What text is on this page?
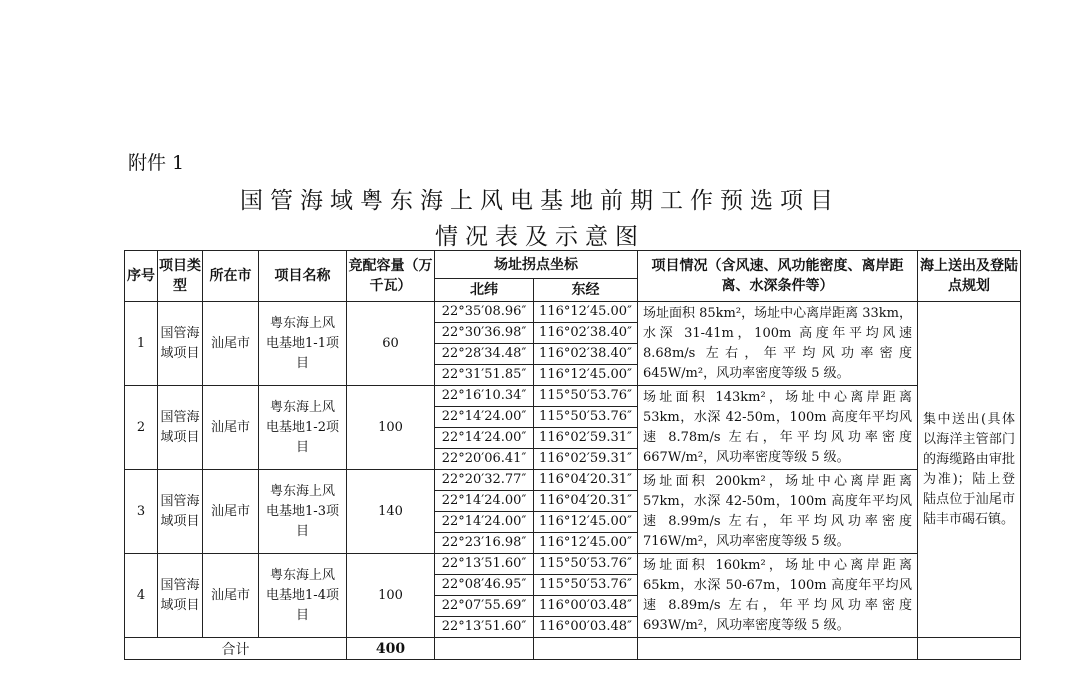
附件 1
国管海域粤东海上风电基地前期工作预选项目
情况表及示意图
序号	项目类型	所在市	项目名称	竞配容量（万千瓦）	场址拐点坐标		项目情况（含风速、风功能密度、离岸距离、水深条件等）	海上送出及登陆点规划
					北纬	东经		
1	国管海域项目	汕尾市	粤东海上风电基地1-1项目	60	22°35′08.96″	116°12′45.00″	场址面积 85km²，场址中心离岸距离 33km，水深 31-41m，100m 高度年平均风速 8.68m/s 左右，年平均风功率密度 645W/m²，风功率密度等级 5 级。	集中送出(具体以海洋主管部门的海缆路由审批为准)；陆上登陆点位于汕尾市陆丰市碣石镇。
					22°30′36.98″	116°02′38.40″		
					22°28′34.48″	116°02′38.40″		
					22°31′51.85″	116°12′45.00″		
2	国管海域项目	汕尾市	粤东海上风电基地1-2项目	100	22°16′10.34″	115°50′53.76″	场址面积 143km²，场址中心离岸距离 53km，水深 42-50m，100m 高度年平均风速 8.78m/s 左右，年平均风功率密度 667W/m²，风功率密度等级 5 级。	
					22°14′24.00″	115°50′53.76″		
					22°14′24.00″	116°02′59.31″		
					22°20′06.41″	116°02′59.31″		
3	国管海域项目	汕尾市	粤东海上风电基地1-3项目	140	22°20′32.77″	116°04′20.31″	场址面积 200km²，场址中心离岸距离 57km，水深 42-50m，100m 高度年平均风速 8.99m/s 左右，年平均风功率密度 716W/m²，风功率密度等级 5 级。	
					22°14′24.00″	116°04′20.31″		
					22°14′24.00″	116°12′45.00″		
					22°23′16.98″	116°12′45.00″		
4	国管海域项目	汕尾市	粤东海上风电基地1-4项目	100	22°13′51.60″	115°50′53.76″	场址面积 160km²，场址中心离岸距离 65km，水深 50-67m，100m 高度年平均风速 8.89m/s 左右，年平均风功率密度 693W/m²，风功率密度等级 5 级。	
					22°08′46.95″	115°50′53.76″		
					22°07′55.69″	116°00′03.48″		
					22°13′51.60″	116°00′03.48″		
合计				400				
